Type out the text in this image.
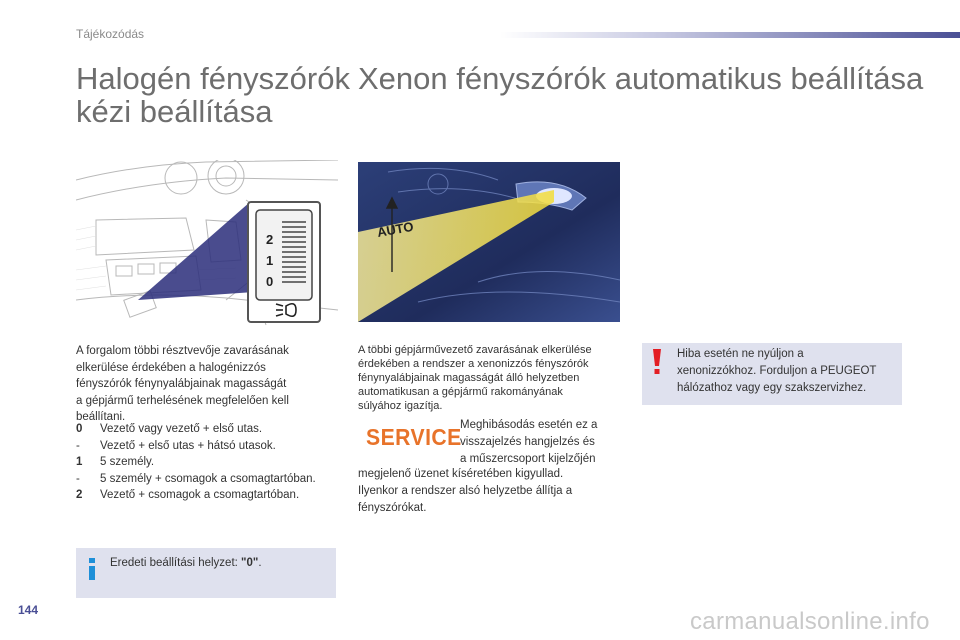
Tájékozódás
Halogén fényszórók
kézi beállítása
Xenon fényszórók automatikus beállítása
2
1
0
AUTO
A forgalom többi résztvevője zavarásának
elkerülése érdekében a halogénizzós
fényszórók fénynyalábjainak magasságát
a gépjármű terhelésének megfelelően kell
beállítani.
0	Vezető vagy vezető + első utas.
-	Vezető + első utas + hátsó utasok.
1	5 személy.
-	5 személy + csomagok a csomagtartóban.
2	Vezető + csomagok a csomagtartóban.
Eredeti beállítási helyzet: "0".
A többi gépjárművezető zavarásának elkerülése
érdekében a rendszer a xenonizzós fényszórók
fénynyalábjainak magasságát álló helyzetben
automatikusan a gépjármű rakományának
súlyához igazítja.
SERVICE
Meghibásodás esetén ez a
visszajelzés hangjelzés és
a műszercsoport kijelzőjén
megjelenő üzenet kíséretében kigyullad.
Ilyenkor a rendszer alsó helyzetbe állítja a
fényszórókat.
Hiba esetén ne nyúljon a
xenonizzókhoz. Forduljon a PEUGEOT
hálózathoz vagy egy szakszervizhez.
144	carmanualsonline.info
